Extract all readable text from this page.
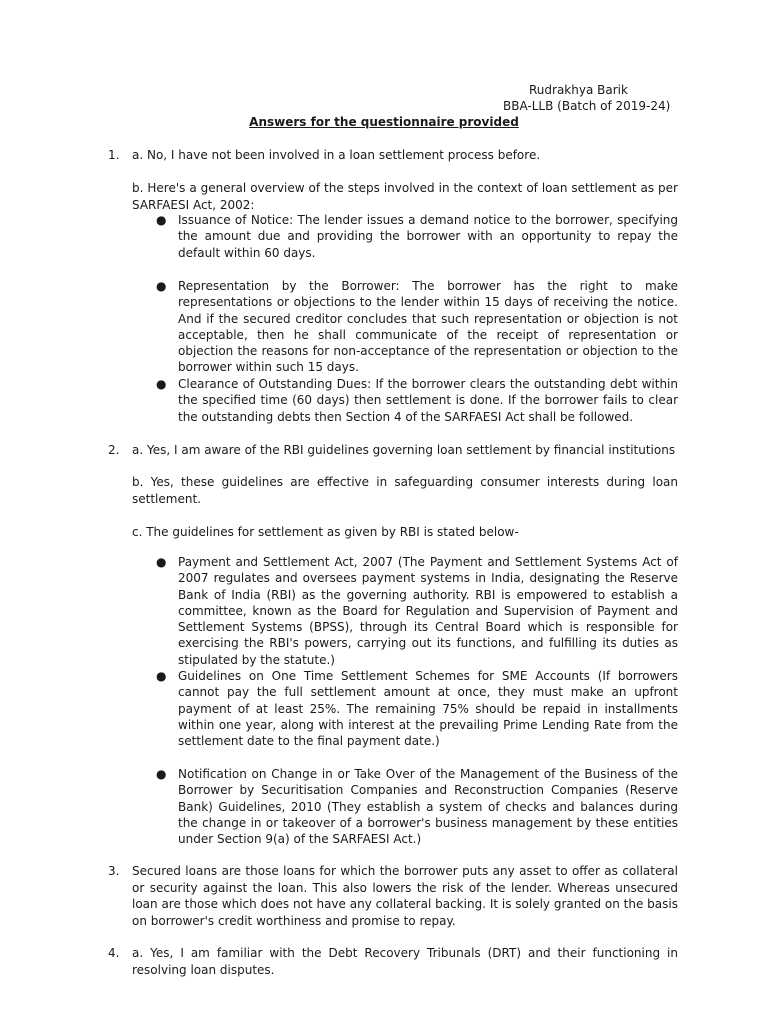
Rudrakhya Barik
BBA-LLB (Batch of 2019-24)
Answers for the questionnaire provided
1.	a. No, I have not been involved in a loan settlement process before.

b. Here's a general overview of the steps involved in the context of loan settlement as per SARFAESI Act, 2002:

● Issuance of Notice: The lender issues a demand notice to the borrower, specifying the amount due and providing the borrower with an opportunity to repay the default within 60 days.

● Representation by the Borrower: The borrower has the right to make representations or objections to the lender within 15 days of receiving the notice. And if the secured creditor concludes that such representation or objection is not acceptable, then he shall communicate of the receipt of representation or objection the reasons for non-acceptance of the representation or objection to the borrower within such 15 days.

● Clearance of Outstanding Dues: If the borrower clears the outstanding debt within the specified time (60 days) then settlement is done. If the borrower fails to clear the outstanding debts then Section 4 of the SARFAESI Act shall be followed.

2.	a. Yes, I am aware of the RBI guidelines governing loan settlement by financial institutions

b. Yes, these guidelines are effective in safeguarding consumer interests during loan settlement.

c. The guidelines for settlement as given by RBI is stated below-

● Payment and Settlement Act, 2007 (The Payment and Settlement Systems Act of 2007 regulates and oversees payment systems in India, designating the Reserve Bank of India (RBI) as the governing authority. RBI is empowered to establish a committee, known as the Board for Regulation and Supervision of Payment and Settlement Systems (BPSS), through its Central Board which is responsible for exercising the RBI's powers, carrying out its functions, and fulfilling its duties as stipulated by the statute.)

● Guidelines on One Time Settlement Schemes for SME Accounts (If borrowers cannot pay the full settlement amount at once, they must make an upfront payment of at least 25%. The remaining 75% should be repaid in installments within one year, along with interest at the prevailing Prime Lending Rate from the settlement date to the final payment date.)

● Notification on Change in or Take Over of the Management of the Business of the Borrower by Securitisation Companies and Reconstruction Companies (Reserve Bank) Guidelines, 2010 (They establish a system of checks and balances during the change in or takeover of a borrower's business management by these entities under Section 9(a) of the SARFAESI Act.)

3.	Secured loans are those loans for which the borrower puts any asset to offer as collateral or security against the loan. This also lowers the risk of the lender. Whereas unsecured loan are those which does not have any collateral backing. It is solely granted on the basis on borrower's credit worthiness and promise to repay.

4.	a. Yes, I am familiar with the Debt Recovery Tribunals (DRT) and their functioning in resolving loan disputes.
